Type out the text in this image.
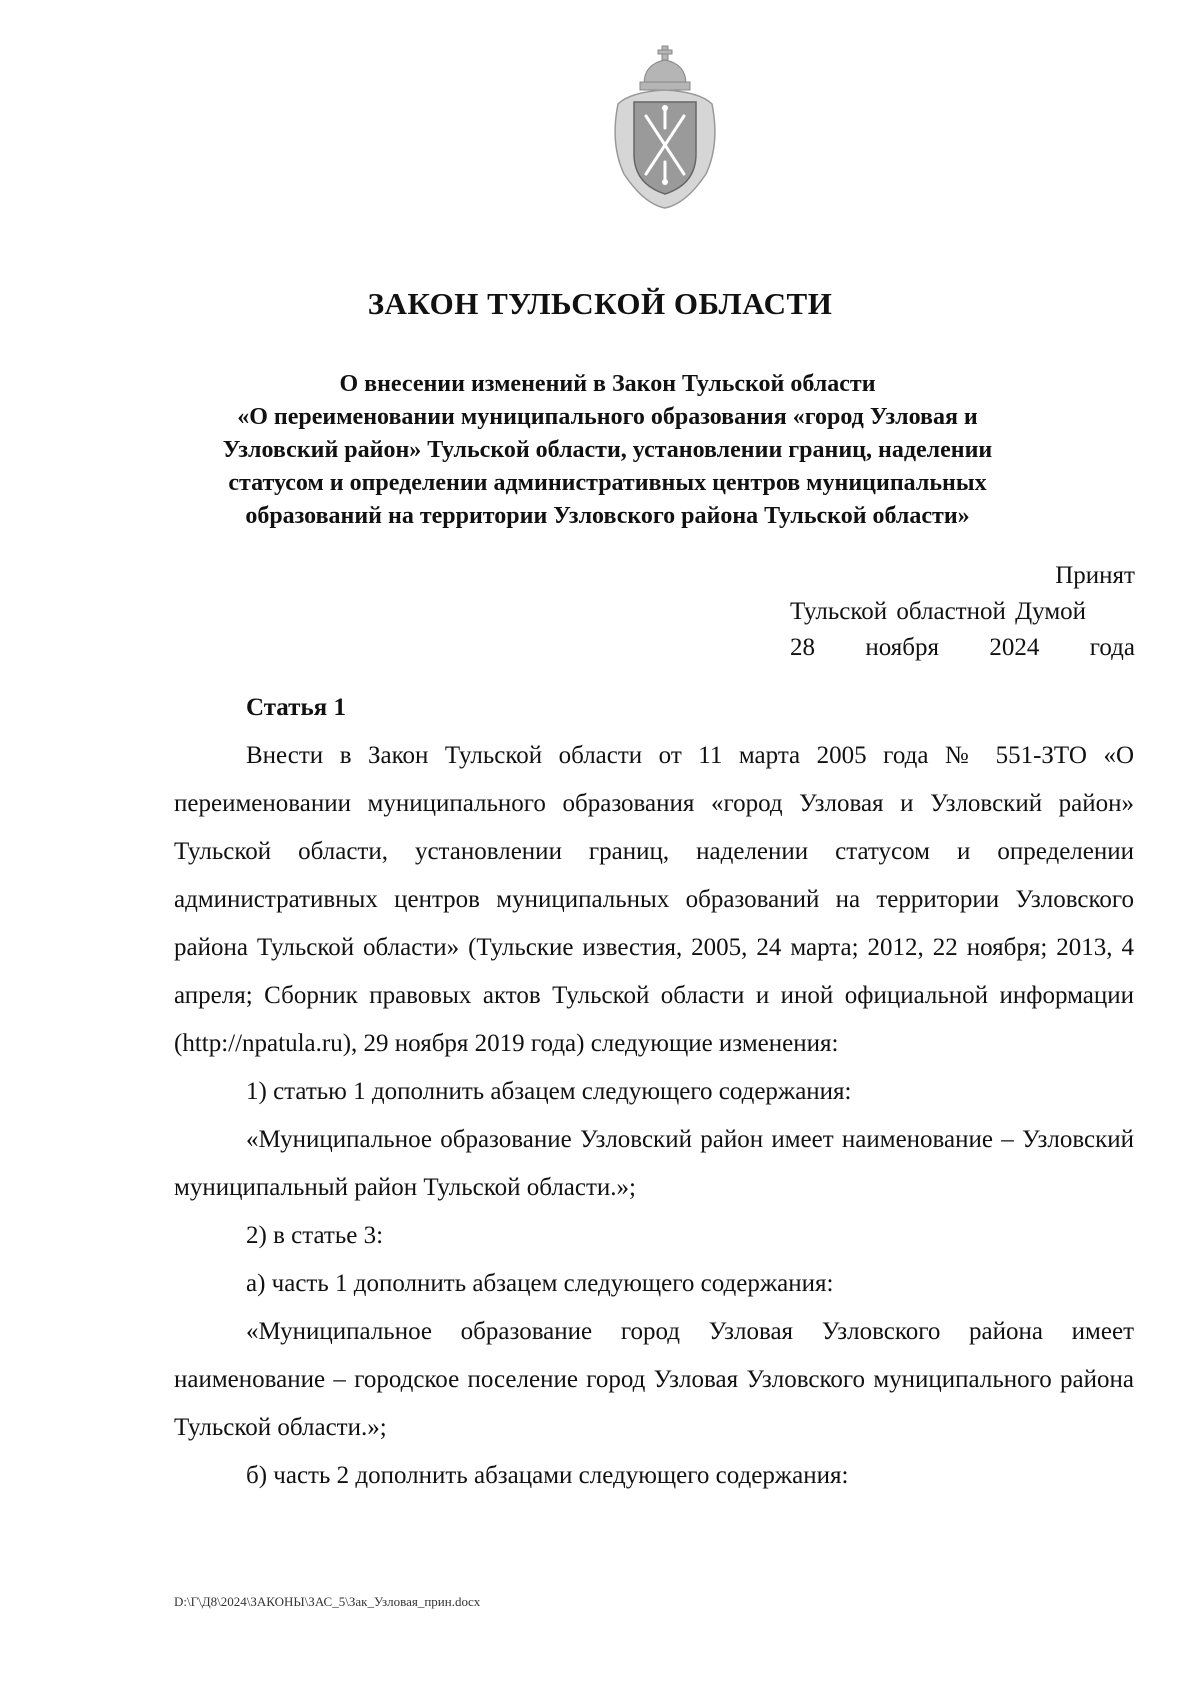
ЗАКОН ТУЛЬСКОЙ ОБЛАСТИ
О внесении изменений в Закон Тульской области
«О переименовании муниципального образования «город Узловая и
Узловский район» Тульской области, установлении границ, наделении
статусом и определении административных центров муниципальных
образований на территории Узловского района Тульской области»
Принят
Тульской областной Думой
28 ноября 2024 года
Статья 1

Внести в Закон Тульской области от 11 марта 2005 года № 551-ЗТО «О переименовании муниципального образования «город Узловая и Узловский район» Тульской области, установлении границ, наделении статусом и определении административных центров муниципальных образований на территории Узловского района Тульской области» (Тульские известия, 2005, 24 марта; 2012, 22 ноября; 2013, 4 апреля; Сборник правовых актов Тульской области и иной официальной информации (http://npatula.ru), 29 ноября 2019 года) следующие изменения:

1) статью 1 дополнить абзацем следующего содержания:

«Муниципальное образование Узловский район имеет наименование – Узловский муниципальный район Тульской области.»;

2) в статье 3:

а) часть 1 дополнить абзацем следующего содержания:

«Муниципальное образование город Узловая Узловского района имеет наименование – городское поселение город Узловая Узловского муниципального района Тульской области.»;

б) часть 2 дополнить абзацами следующего содержания:

D:\Г\Д8\2024\ЗАКОНЫ\ЗАС_5\Зак_Узловая_прин.docx
